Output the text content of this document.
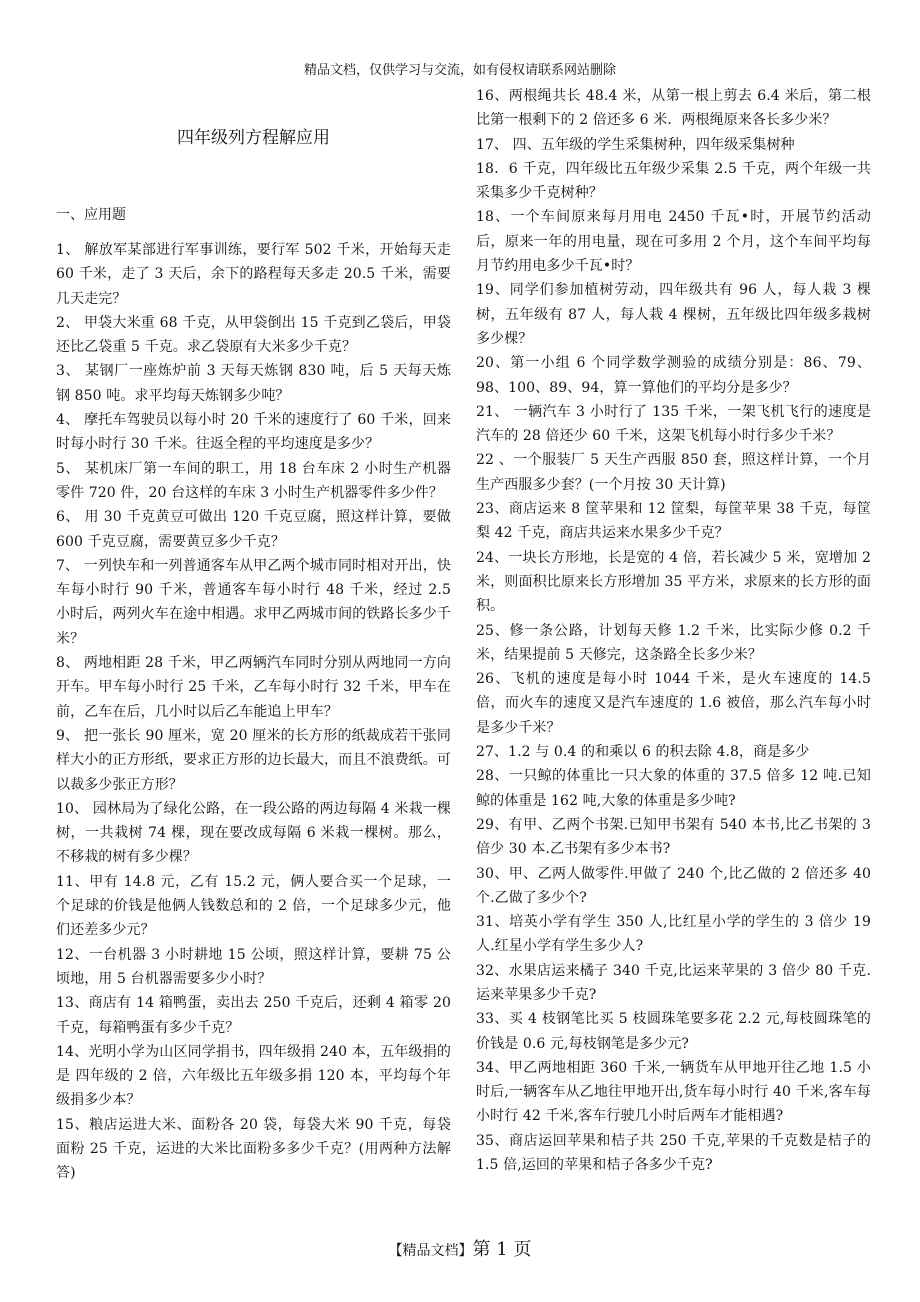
精品文档，仅供学习与交流，如有侵权请联系网站删除
四年级列方程解应用
一、应用题

1、 解放军某部进行军事训练，要行军 502 千米，开始每天走 60 千米，走了 3 天后，余下的路程每天多走 20.5 千米，需要几天走完？

2、 甲袋大米重 68 千克，从甲袋倒出 15 千克到乙袋后，甲袋还比乙袋重 5 千克。求乙袋原有大米多少千克？

3、 某钢厂一座炼炉前 3 天每天炼钢 830 吨，后 5 天每天炼钢 850 吨。求平均每天炼钢多少吨？

4、 摩托车驾驶员以每小时 20 千米的速度行了 60 千米，回来时每小时行 30 千米。往返全程的平均速度是多少？

5、 某机床厂第一车间的职工，用 18 台车床 2 小时生产机器零件 720 件，20 台这样的车床 3 小时生产机器零件多少件？

6、 用 30 千克黄豆可做出 120 千克豆腐，照这样计算，要做 600 千克豆腐，需要黄豆多少千克？

7、 一列快车和一列普通客车从甲乙两个城市同时相对开出，快车每小时行 90 千米，普通客车每小时行 48 千米，经过 2.5 小时后，两列火车在途中相遇。求甲乙两城市间的铁路长多少千米？

8、 两地相距 28 千米，甲乙两辆汽车同时分别从两地同一方向开车。甲车每小时行 25 千米，乙车每小时行 32 千米，甲车在前，乙车在后，几小时以后乙车能追上甲车？

9、 把一张长 90 厘米，宽 20 厘米的长方形的纸裁成若干张同样大小的正方形纸，要求正方形的边长最大，而且不浪费纸。可以裁多少张正方形？

10、 园林局为了绿化公路，在一段公路的两边每隔 4 米栽一棵树，一共栽树 74 棵，现在要改成每隔 6 米栽一棵树。那么，不移栽的树有多少棵？

11、甲有 14.8 元，乙有 15.2 元，俩人要合买一个足球，一个足球的价钱是他俩人钱数总和的 2 倍，一个足球多少元，他们还差多少元？

12、一台机器 3 小时耕地 15 公顷，照这样计算，要耕 75 公顷地，用 5 台机器需要多少小时？

13、商店有 14 箱鸭蛋，卖出去 250 千克后，还剩 4 箱零 20 千克，每箱鸭蛋有多少千克？

14、光明小学为山区同学捐书，四年级捐 240 本，五年级捐的是 四年级的 2 倍，六年级比五年级多捐 120 本，平均每个年级捐多少本？

15、粮店运进大米、面粉各 20 袋，每袋大米 90 千克，每袋面粉 25 千克，运进的大米比面粉多多少千克？(用两种方法解答)

16、两根绳共长 48.4 米，从第一根上剪去 6.4 米后，第二根比第一根剩下的 2 倍还多 6 米．两根绳原来各长多少米？

17、 四、五年级的学生采集树种，四年级采集树种

18．6 千克，四年级比五年级少采集 2.5 千克，两个年级一共采集多少千克树种？

18、一个车间原来每月用电 2450 千瓦•时，开展节约活动后，原来一年的用电量，现在可多用 2 个月，这个车间平均每月节约用电多少千瓦•时？

19、同学们参加植树劳动，四年级共有 96 人，每人栽 3 棵树，五年级有 87 人，每人栽 4 棵树，五年级比四年级多栽树多少棵？

20、第一小组 6 个同学数学测验的成绩分别是：86、79、98、100、89、94，算一算他们的平均分是多少？

21、 一辆汽车 3 小时行了 135 千米，一架飞机飞行的速度是汽车的 28 倍还少 60 千米，这架飞机每小时行多少千米？

22 、一个服装厂 5 天生产西服 850 套，照这样计算，一个月生产西服多少套？(一个月按 30 天计算)

23、商店运来 8 筐苹果和 12 筐梨，每筐苹果 38 千克，每筐梨 42 千克，商店共运来水果多少千克？

24、一块长方形地，长是宽的 4 倍，若长减少 5 米，宽增加 2 米，则面积比原来长方形增加 35 平方米，求原来的长方形的面积。

25、修一条公路，计划每天修 1.2 千米，比实际少修 0.2 千米，结果提前 5 天修完，这条路全长多少米？

26、飞机的速度是每小时 1044 千米，是火车速度的 14.5 倍，而火车的速度又是汽车速度的 1.6 被倍，那么汽车每小时是多少千米？

27、1.2 与 0.4 的和乘以 6 的积去除 4.8，商是多少

28、一只鲸的体重比一只大象的体重的 37.5 倍多 12 吨.已知鲸的体重是 162 吨,大象的体重是多少吨?

29、有甲、乙两个书架.已知甲书架有 540 本书,比乙书架的 3 倍少 30 本.乙书架有多少本书?

30、甲、乙两人做零件.甲做了 240 个,比乙做的 2 倍还多 40 个.乙做了多少个?

31、培英小学有学生 350 人,比红星小学的学生的 3 倍少 19 人.红星小学有学生多少人?

32、水果店运来橘子 340 千克,比运来苹果的 3 倍少 80 千克.运来苹果多少千克?

33、买 4 枝钢笔比买 5 枝圆珠笔要多花 2.2 元,每枝圆珠笔的价钱是 0.6 元,每枝钢笔是多少元?

34、甲乙两地相距 360 千米,一辆货车从甲地开往乙地 1.5 小时后,一辆客车从乙地往甲地开出,货车每小时行 40 千米,客车每小时行 42 千米,客车行驶几小时后两车才能相遇?

35、商店运回苹果和桔子共 250 千克,苹果的千克数是桔子的 1.5 倍,运回的苹果和桔子各多少千克?

【精品文档】第 1 页
